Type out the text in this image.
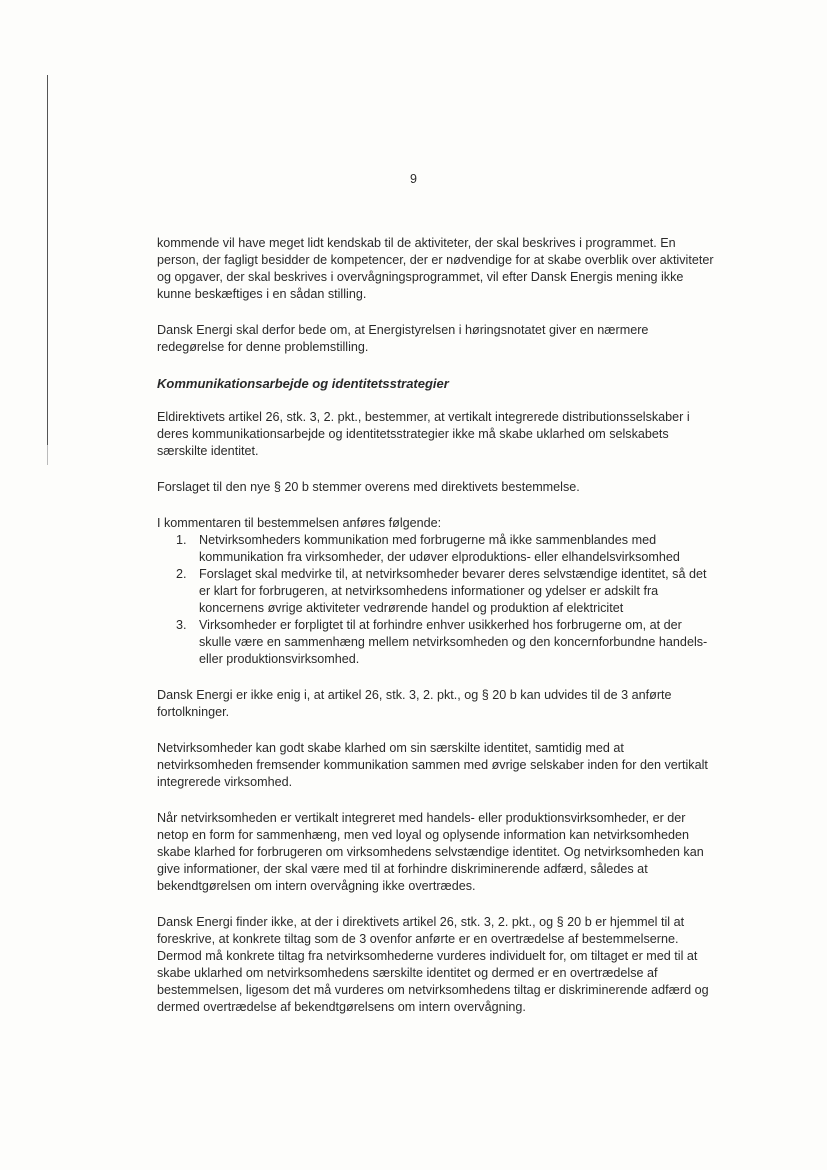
9

kommende vil have meget lidt kendskab til de aktiviteter, der skal beskrives i programmet. En person, der fagligt besidder de kompetencer, der er nødvendige for at skabe overblik over aktiviteter og opgaver, der skal beskrives i overvågningsprogrammet, vil efter Dansk Energis mening ikke kunne beskæftiges i en sådan stilling.

Dansk Energi skal derfor bede om, at Energistyrelsen i høringsnotatet giver en nærmere redegørelse for denne problemstilling.

Kommunikationsarbejde og identitetsstrategier

Eldirektivets artikel 26, stk. 3, 2. pkt., bestemmer, at vertikalt integrerede distributionsselskaber i deres kommunikationsarbejde og identitetsstrategier ikke må skabe uklarhed om selskabets særskilte identitet.

Forslaget til den nye § 20 b stemmer overens med direktivets bestemmelse.

I kommentaren til bestemmelsen anføres følgende:

1. Netvirksomheders kommunikation med forbrugerne må ikke sammenblandes med kommunikation fra virksomheder, der udøver elproduktions- eller elhandelsvirksomhed
2. Forslaget skal medvirke til, at netvirksomheder bevarer deres selvstændige identitet, så det er klart for forbrugeren, at netvirksomhedens informationer og ydelser er adskilt fra koncernens øvrige aktiviteter vedrørende handel og produktion af elektricitet
3. Virksomheder er forpligtet til at forhindre enhver usikkerhed hos forbrugerne om, at der skulle være en sammenhæng mellem netvirksomheden og den koncernforbundne handels- eller produktionsvirksomhed.

Dansk Energi er ikke enig i, at artikel 26, stk. 3, 2. pkt., og § 20 b kan udvides til de 3 anførte fortolkninger.

Netvirksomheder kan godt skabe klarhed om sin særskilte identitet, samtidig med at netvirksomheden fremsender kommunikation sammen med øvrige selskaber inden for den vertikalt integrerede virksomhed.

Når netvirksomheden er vertikalt integreret med handels- eller produktionsvirksomheder, er der netop en form for sammenhæng, men ved loyal og oplysende information kan netvirksomheden skabe klarhed for forbrugeren om virksomhedens selvstændige identitet. Og netvirksomheden kan give informationer, der skal være med til at forhindre diskriminerende adfærd, således at bekendtgørelsen om intern overvågning ikke overtrædes.

Dansk Energi finder ikke, at der i direktivets artikel 26, stk. 3, 2. pkt., og § 20 b er hjemmel til at foreskrive, at konkrete tiltag som de 3 ovenfor anførte er en overtrædelse af bestemmelserne. Dermod må konkrete tiltag fra netvirksomhederne vurderes individuelt for, om tiltaget er med til at skabe uklarhed om netvirksomhedens særskilte identitet og dermed er en overtrædelse af bestemmelsen, ligesom det må vurderes om netvirksomhedens tiltag er diskriminerende adfærd og dermed overtrædelse af bekendtgørelsens om intern overvågning.
